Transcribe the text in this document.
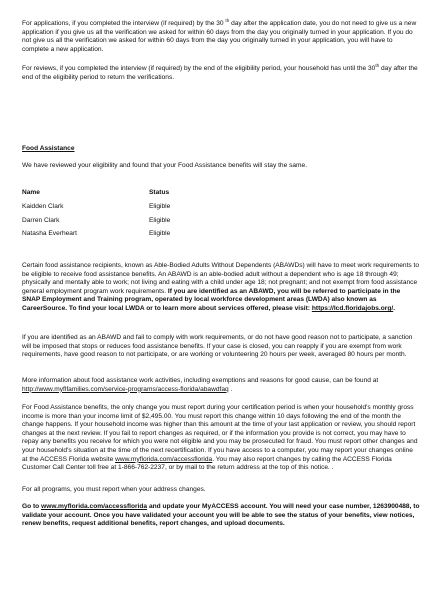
For applications, if you completed the interview (if required) by the 30 $^{th}$ day after the application date, you do not need to give us a new application if you give us all the verification we asked for within 60 days from the day you originally turned in your application. If you do not give us all the verification we asked for within 60 days from the day you originally turned in your application, you will have to complete a new application.

For reviews, if you completed the interview (if required) by the end of the eligibility period, your household has until the 30th day after the end of the eligibility period to return the verifications.

Food Assistance

We have reviewed your eligibility and found that your Food Assistance benefits will stay the same.

Name	Status
Kaidden Clark	Eligible
Darren Clark	Eligible
Natasha Everheart	Eligible

Certain food assistance recipients, known as Able-Bodied Adults Without Dependents (ABAWDs) will have to meet work requirements to be eligible to receive food assistance benefits. An ABAWD is an able-bodied adult without a dependent who is age 18 through 49; physically and mentally able to work; not living and eating with a child under age 18; not pregnant; and not exempt from food assistance general employment program work requirements. If you are identified as an ABAWD, you will be referred to participate in the SNAP Employment and Training program, operated by local workforce development areas (LWDA) also known as CareerSource. To find your local LWDA or to learn more about services offered, please visit: https://lcd.floridajobs.org/.

If you are identified as an ABAWD and fail to comply with work requirements, or do not have good reason not to participate, a sanction will be imposed that stops or reduces food assistance benefits. If your case is closed, you can reapply if you are exempt from work requirements, have good reason to not participate, or are working or volunteering 20 hours per week, averaged 80 hours per month.

More information about food assistance work activities, including exemptions and reasons for good cause, can be found at http://www.myflfamilies.com/service-programs/access-florida/abawdfaq .

For Food Assistance benefits, the only change you must report during your certification period is when your household's monthly gross income is more than your income limit of $2,495.00. You must report this change within 10 days following the end of the month the change happens. If your household income was higher than this amount at the time of your last application or review, you should report changes at the next review. If you fail to report changes as required, or if the information you provide is not correct, you may have to repay any benefits you receive for which you were not eligible and you may be prosecuted for fraud. You must report other changes and your household's situation at the time of the next recertification. If you have access to a computer, you may report your changes online at the ACCESS Florida website www.myflorida.com/accessflorida. You may also report changes by calling the ACCESS Florida Customer Call Center toll free at 1-866-762-2237, or by mail to the return address at the top of this notice. .

For all programs, you must report when your address changes.

Go to www.myflorida.com/accessflorida and update your MyACCESS account. You will need your case number, 1263900488, to validate your account. Once you have validated your account you will be able to see the status of your benefits, view notices, renew benefits, request additional benefits, report changes, and upload documents.
